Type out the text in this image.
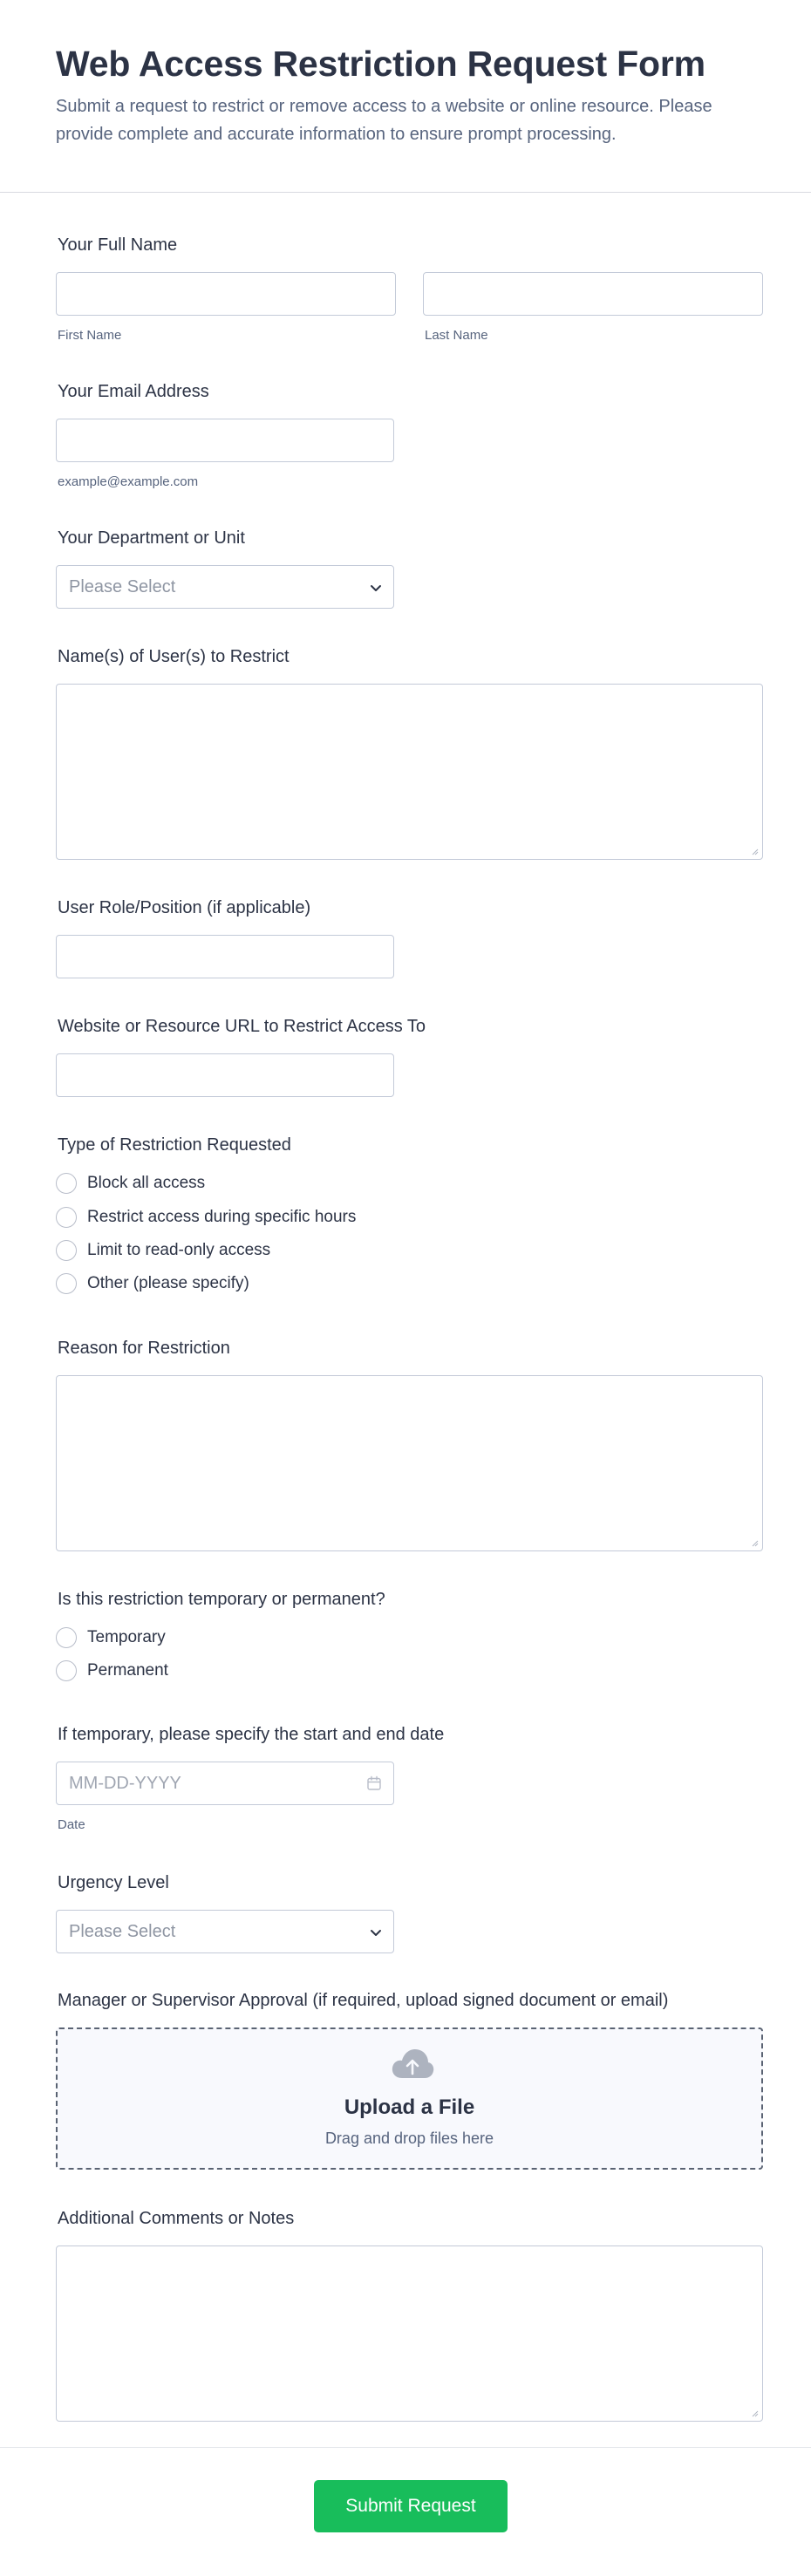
Web Access Restriction Request Form

Submit a request to restrict or remove access to a website or online resource. Please provide complete and accurate information to ensure prompt processing.

Your Full Name
First Name	Last Name
Your Email Address
example@example.com
Your Department or Unit
Please Select
Name(s) of User(s) to Restrict
User Role/Position (if applicable)
Website or Resource URL to Restrict Access To
Type of Restriction Requested
Block all access
Restrict access during specific hours
Limit to read-only access
Other (please specify)
Reason for Restriction
Is this restriction temporary or permanent?
Temporary
Permanent
If temporary, please specify the start and end date
MM-DD-YYYY
Date
Urgency Level
Please Select
Manager or Supervisor Approval (if required, upload signed document or email)
Upload a File
Drag and drop files here
Additional Comments or Notes
Submit Request
